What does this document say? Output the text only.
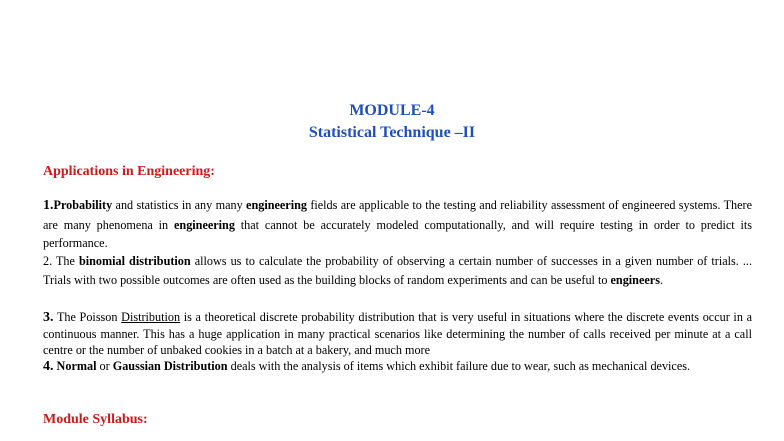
MODULE-4
Statistical Technique –II
Applications in Engineering:

1.Probability and statistics in any many engineering fields are applicable to the testing and reliability assessment of engineered systems. There are many phenomena in engineering that cannot be accurately modeled computationally, and will require testing in order to predict its performance.

2. The binomial distribution allows us to calculate the probability of observing a certain number of successes in a given number of trials. ... Trials with two possible outcomes are often used as the building blocks of random experiments and can be useful to engineers.

3. The Poisson Distribution is a theoretical discrete probability distribution that is very useful in situations where the discrete events occur in a continuous manner. This has a huge application in many practical scenarios like determining the number of calls received per minute at a call centre or the number of unbaked cookies in a batch at a bakery, and much more

4. Normal or Gaussian Distribution deals with the analysis of items which exhibit failure due to wear, such as mechanical devices.

Module Syllabus:
